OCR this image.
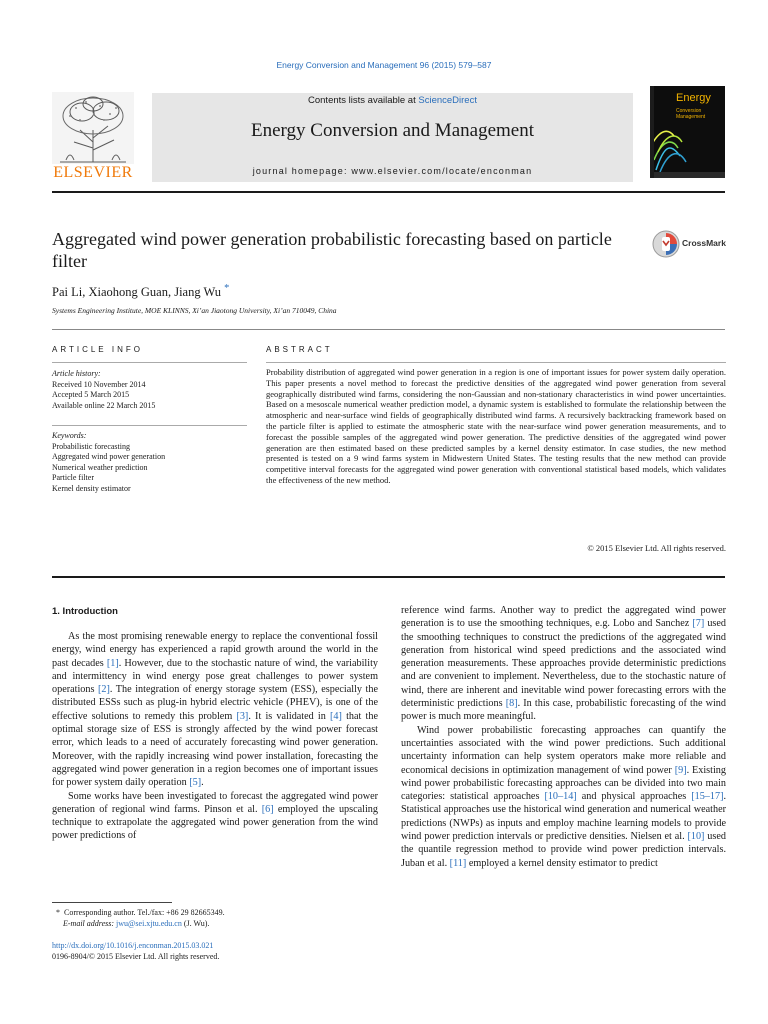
Energy Conversion and Management 96 (2015) 579–587
ELSEVIER
Contents lists available at ScienceDirect
Energy Conversion and Management
journal homepage: www.elsevier.com/locate/enconman
Energy
Conversion
Management
Aggregated wind power generation probabilistic forecasting based on particle filter
CrossMark
Pai Li, Xiaohong Guan, Jiang Wu *
Systems Engineering Institute, MOE KLINNS, Xi’an Jiaotong University, Xi’an 710049, China
ARTICLE INFO	ABSTRACT
Article history:
Received 10 November 2014
Accepted 5 March 2015
Available online 22 March 2015
Keywords:
Probabilistic forecasting
Aggregated wind power generation
Numerical weather prediction
Particle filter
Kernel density estimator
Probability distribution of aggregated wind power generation in a region is one of important issues for power system daily operation. This paper presents a novel method to forecast the predictive densities of the aggregated wind power generation from several geographically distributed wind farms, considering the non-Gaussian and non-stationary characteristics in wind power uncertainties. Based on a mesoscale numerical weather prediction model, a dynamic system is established to formulate the relationship between the atmospheric and near-surface wind fields of geographically distributed wind farms. A recursively backtracking framework based on the particle filter is applied to estimate the atmospheric state with the near-surface wind power generation measurements, and to forecast the possible samples of the aggregated wind power generation. The predictive densities of the aggregated wind power generation are then estimated based on these predicted samples by a kernel density estimator. In case studies, the new method presented is tested on a 9 wind farms system in Midwestern United States. The testing results that the new method can provide competitive interval forecasts for the aggregated wind power generation with conventional statistical based models, which validates the effectiveness of the new method.
© 2015 Elsevier Ltd. All rights reserved.
1. Introduction

As the most promising renewable energy to replace the conventional fossil energy, wind energy has experienced a rapid growth around the world in the past decades [1]. However, due to the stochastic nature of wind, the variability and intermittency in wind energy pose great challenges to power system operations [2]. The integration of energy storage system (ESS), especially the distributed ESSs such as plug-in hybrid electric vehicle (PHEV), is one of the effective solutions to remedy this problem [3]. It is validated in [4] that the optimal storage size of ESS is strongly affected by the wind power forecast error, which leads to a need of accurately forecasting wind power generation. Moreover, with the rapidly increasing wind power installation, forecasting the aggregated wind power generation in a region becomes one of important issues for power system daily operation [5].

Some works have been investigated to forecast the aggregated wind power generation of regional wind farms. Pinson et al. [6] employed the upscaling technique to extrapolate the aggregated wind power generation from the wind power predictions of

reference wind farms. Another way to predict the aggregated wind power generation is to use the smoothing techniques, e.g. Lobo and Sanchez [7] used the smoothing techniques to construct the predictions of the aggregated wind generation from historical wind speed predictions and the associated wind generation measurements. These approaches provide deterministic predictions and are convenient to implement. Nevertheless, due to the stochastic nature of wind, there are inherent and inevitable wind power forecasting errors with the deterministic predictions [8]. In this case, probabilistic forecasting of the wind power is much more meaningful.

Wind power probabilistic forecasting approaches can quantify the uncertainties associated with the wind power predictions. Such additional uncertainty information can help system operators make more reliable and economical decisions in optimization management of wind power [9]. Existing wind power probabilistic forecasting approaches can be divided into two main categories: statistical approaches [10–14] and physical approaches [15–17]. Statistical approaches use the historical wind generation and numerical weather predictions (NWPs) as inputs and employ machine learning models to provide wind power prediction intervals or predictive densities. Nielsen et al. [10] used the quantile regression method to provide wind power prediction intervals. Juban et al. [11] employed a kernel density estimator to predict

* Corresponding author. Tel./fax: +86 29 82665349.
E-mail address: jwu@sei.xjtu.edu.cn (J. Wu).
http://dx.doi.org/10.1016/j.enconman.2015.03.021
0196-8904/© 2015 Elsevier Ltd. All rights reserved.
